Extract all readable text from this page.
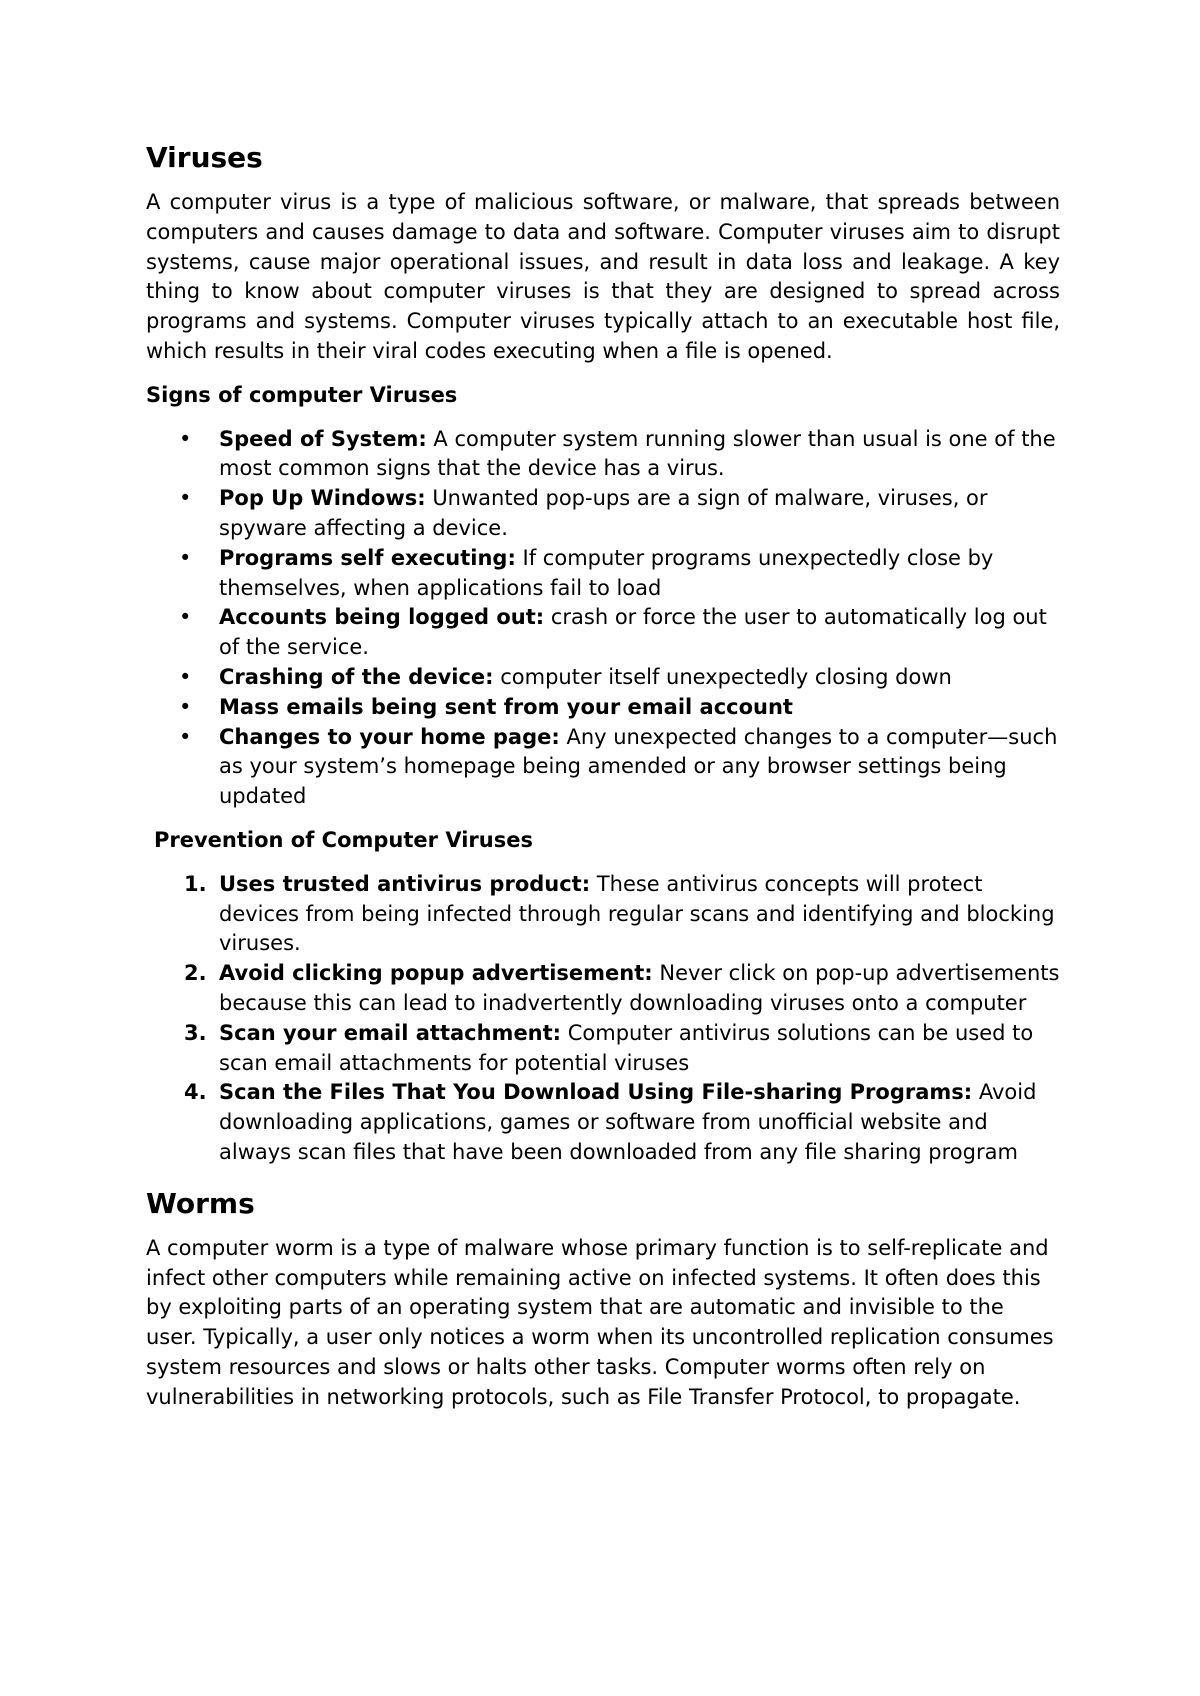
Viruses

A computer virus is a type of malicious software, or malware, that spreads between computers and causes damage to data and software. Computer viruses aim to disrupt systems, cause major operational issues, and result in data loss and leakage. A key thing to know about computer viruses is that they are designed to spread across programs and systems. Computer viruses typically attach to an executable host file, which results in their viral codes executing when a file is opened.

Signs of computer Viruses

• Speed of System: A computer system running slower than usual is one of the most common signs that the device has a virus.
• Pop Up Windows: Unwanted pop-ups are a sign of malware, viruses, or spyware affecting a device.
• Programs self executing: If computer programs unexpectedly close by themselves, when applications fail to load
• Accounts being logged out: crash or force the user to automatically log out of the service.
• Crashing of the device: computer itself unexpectedly closing down
• Mass emails being sent from your email account
• Changes to your home page: Any unexpected changes to a computer—such as your system’s homepage being amended or any browser settings being updated

Prevention of Computer Viruses

1. Uses trusted antivirus product: These antivirus concepts will protect devices from being infected through regular scans and identifying and blocking viruses.
2. Avoid clicking popup advertisement: Never click on pop-up advertisements because this can lead to inadvertently downloading viruses onto a computer
3. Scan your email attachment: Computer antivirus solutions can be used to scan email attachments for potential viruses
4. Scan the Files That You Download Using File-sharing Programs: Avoid downloading applications, games or software from unofficial website and always scan files that have been downloaded from any file sharing program
Worms

A computer worm is a type of malware whose primary function is to self-replicate and infect other computers while remaining active on infected systems. It often does this by exploiting parts of an operating system that are automatic and invisible to the user. Typically, a user only notices a worm when its uncontrolled replication consumes system resources and slows or halts other tasks. Computer worms often rely on vulnerabilities in networking protocols, such as File Transfer Protocol, to propagate.
